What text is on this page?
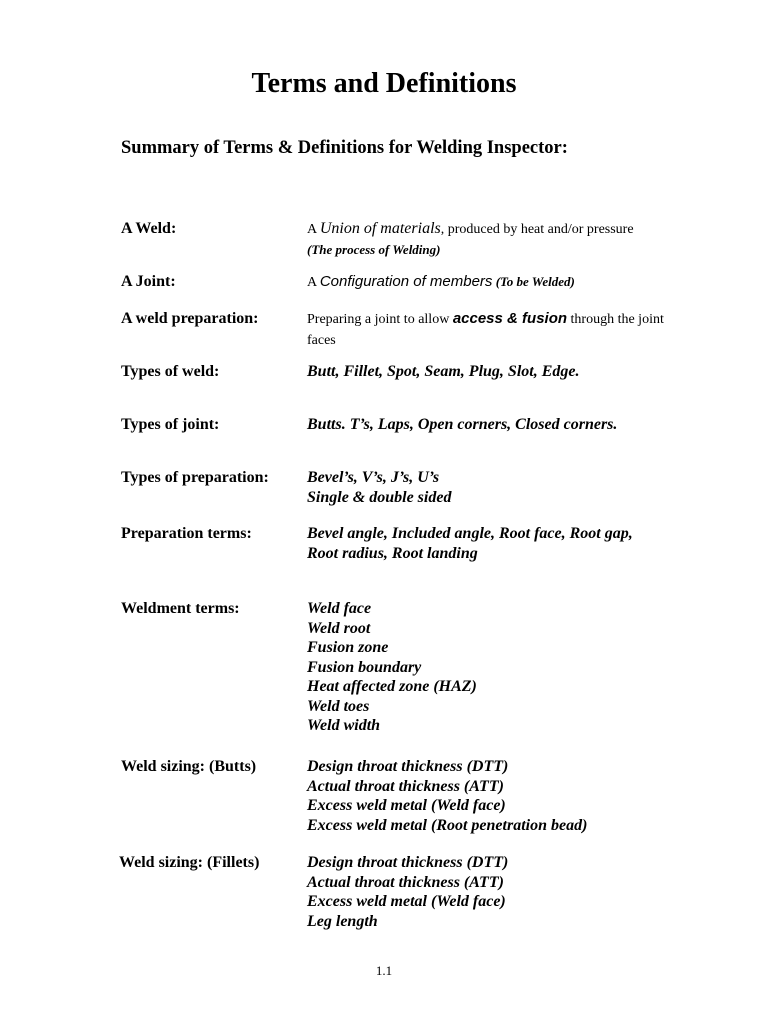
Terms and Definitions
Summary of Terms & Definitions for Welding Inspector:
A Weld:	A Union of materials, produced by heat and/or pressure
(The process of Welding)
A Joint:	A Configuration of members (To be Welded)
A weld preparation:	Preparing a joint to allow access & fusion through the joint faces
Types of weld:	Butt, Fillet, Spot, Seam, Plug, Slot, Edge.
Types of joint:	Butts. T’s, Laps, Open corners, Closed corners.
Types of preparation: Bevel’s, V’s, J’s, U’s
Single & double sided
Preparation terms:	Bevel angle, Included angle, Root face, Root gap,
Root radius, Root landing
Weldment terms:	Weld face
Weld root
Fusion zone
Fusion boundary
Heat affected zone (HAZ)
Weld toes
Weld width
Weld sizing: (Butts)	Design throat thickness (DTT)
Actual throat thickness (ATT)
Excess weld metal (Weld face)
Excess weld metal (Root penetration bead)
Weld sizing: (Fillets)	Design throat thickness (DTT)
Actual throat thickness (ATT)
Excess weld metal (Weld face)
Leg length
1.1
